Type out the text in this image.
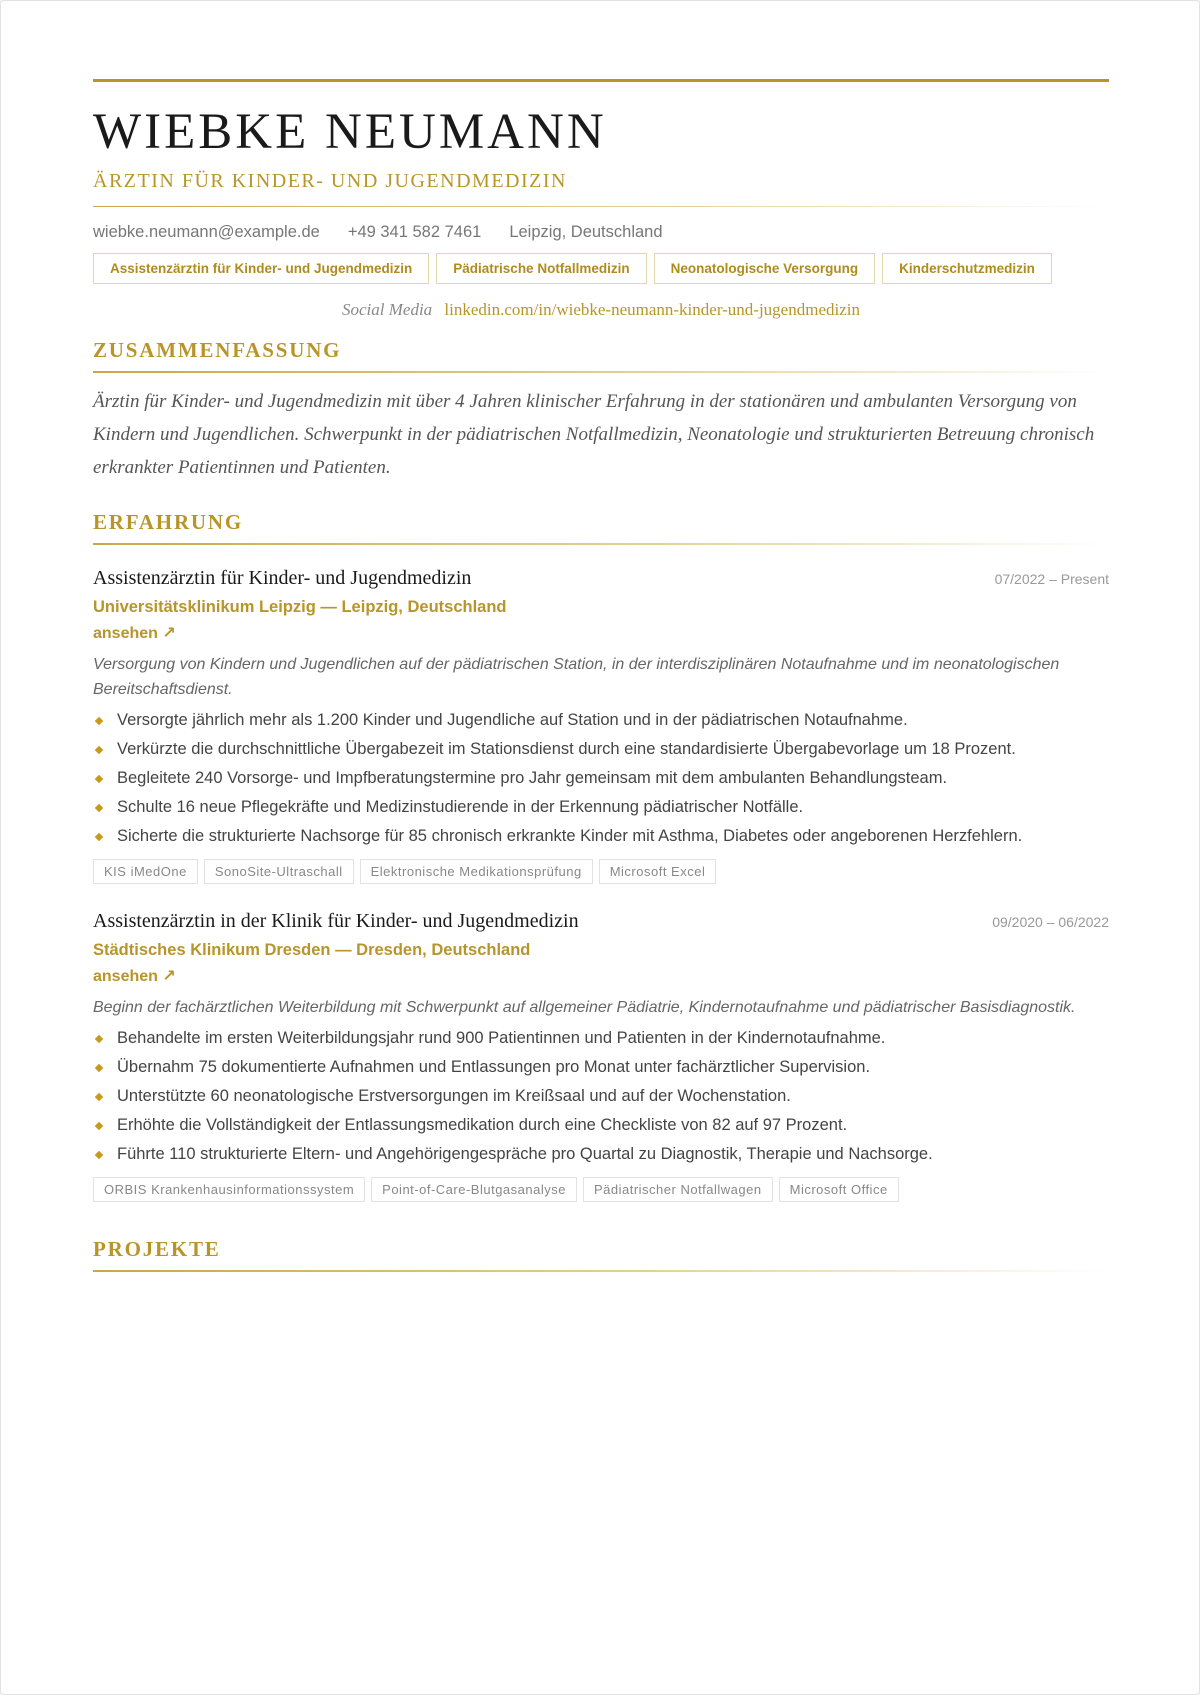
WIEBKE NEUMANN
ÄRZTIN FÜR KINDER- UND JUGENDMEDIZIN
wiebke.neumann@example.de +49 341 582 7461 Leipzig, Deutschland
Assistenzärztin für Kinder- und Jugendmedizin	Pädiatrische Notfallmedizin	Neonatologische Versorgung	Kinderschutzmedizin
Social Media linkedin.com/in/wiebke-neumann-kinder-und-jugendmedizin
ZUSAMMENFASSUNG
Ärztin für Kinder- und Jugendmedizin mit über 4 Jahren klinischer Erfahrung in der stationären und ambulanten Versorgung von Kindern und Jugendlichen. Schwerpunkt in der pädiatrischen Notfallmedizin, Neonatologie und strukturierten Betreuung chronisch erkrankter Patientinnen und Patienten.
ERFAHRUNG
Assistenzärztin für Kinder- und Jugendmedizin	07/2022 – Present
Universitätsklinikum Leipzig — Leipzig, Deutschland
ansehen ↗
Versorgung von Kindern und Jugendlichen auf der pädiatrischen Station, in der interdisziplinären Notaufnahme und im neonatologischen Bereitschaftsdienst.
Versorgte jährlich mehr als 1.200 Kinder und Jugendliche auf Station und in der pädiatrischen Notaufnahme.
Verkürzte die durchschnittliche Übergabezeit im Stationsdienst durch eine standardisierte Übergabevorlage um 18 Prozent.
Begleitete 240 Vorsorge- und Impfberatungstermine pro Jahr gemeinsam mit dem ambulanten Behandlungsteam.
Schulte 16 neue Pflegekräfte und Medizinstudierende in der Erkennung pädiatrischer Notfälle.
Sicherte die strukturierte Nachsorge für 85 chronisch erkrankte Kinder mit Asthma, Diabetes oder angeborenen Herzfehlern.
KIS iMedOne	SonoSite-Ultraschall	Elektronische Medikationsprüfung	Microsoft Excel
Assistenzärztin in der Klinik für Kinder- und Jugendmedizin	09/2020 – 06/2022
Städtisches Klinikum Dresden — Dresden, Deutschland
ansehen ↗
Beginn der fachärztlichen Weiterbildung mit Schwerpunkt auf allgemeiner Pädiatrie, Kindernotaufnahme und pädiatrischer Basisdiagnostik.
Behandelte im ersten Weiterbildungsjahr rund 900 Patientinnen und Patienten in der Kindernotaufnahme.
Übernahm 75 dokumentierte Aufnahmen und Entlassungen pro Monat unter fachärztlicher Supervision.
Unterstützte 60 neonatologische Erstversorgungen im Kreißsaal und auf der Wochenstation.
Erhöhte die Vollständigkeit der Entlassungsmedikation durch eine Checkliste von 82 auf 97 Prozent.
Führte 110 strukturierte Eltern- und Angehörigengespräche pro Quartal zu Diagnostik, Therapie und Nachsorge.
ORBIS Krankenhausinformationssystem	Point-of-Care-Blutgasanalyse	Pädiatrischer Notfallwagen	Microsoft Office
PROJEKTE
